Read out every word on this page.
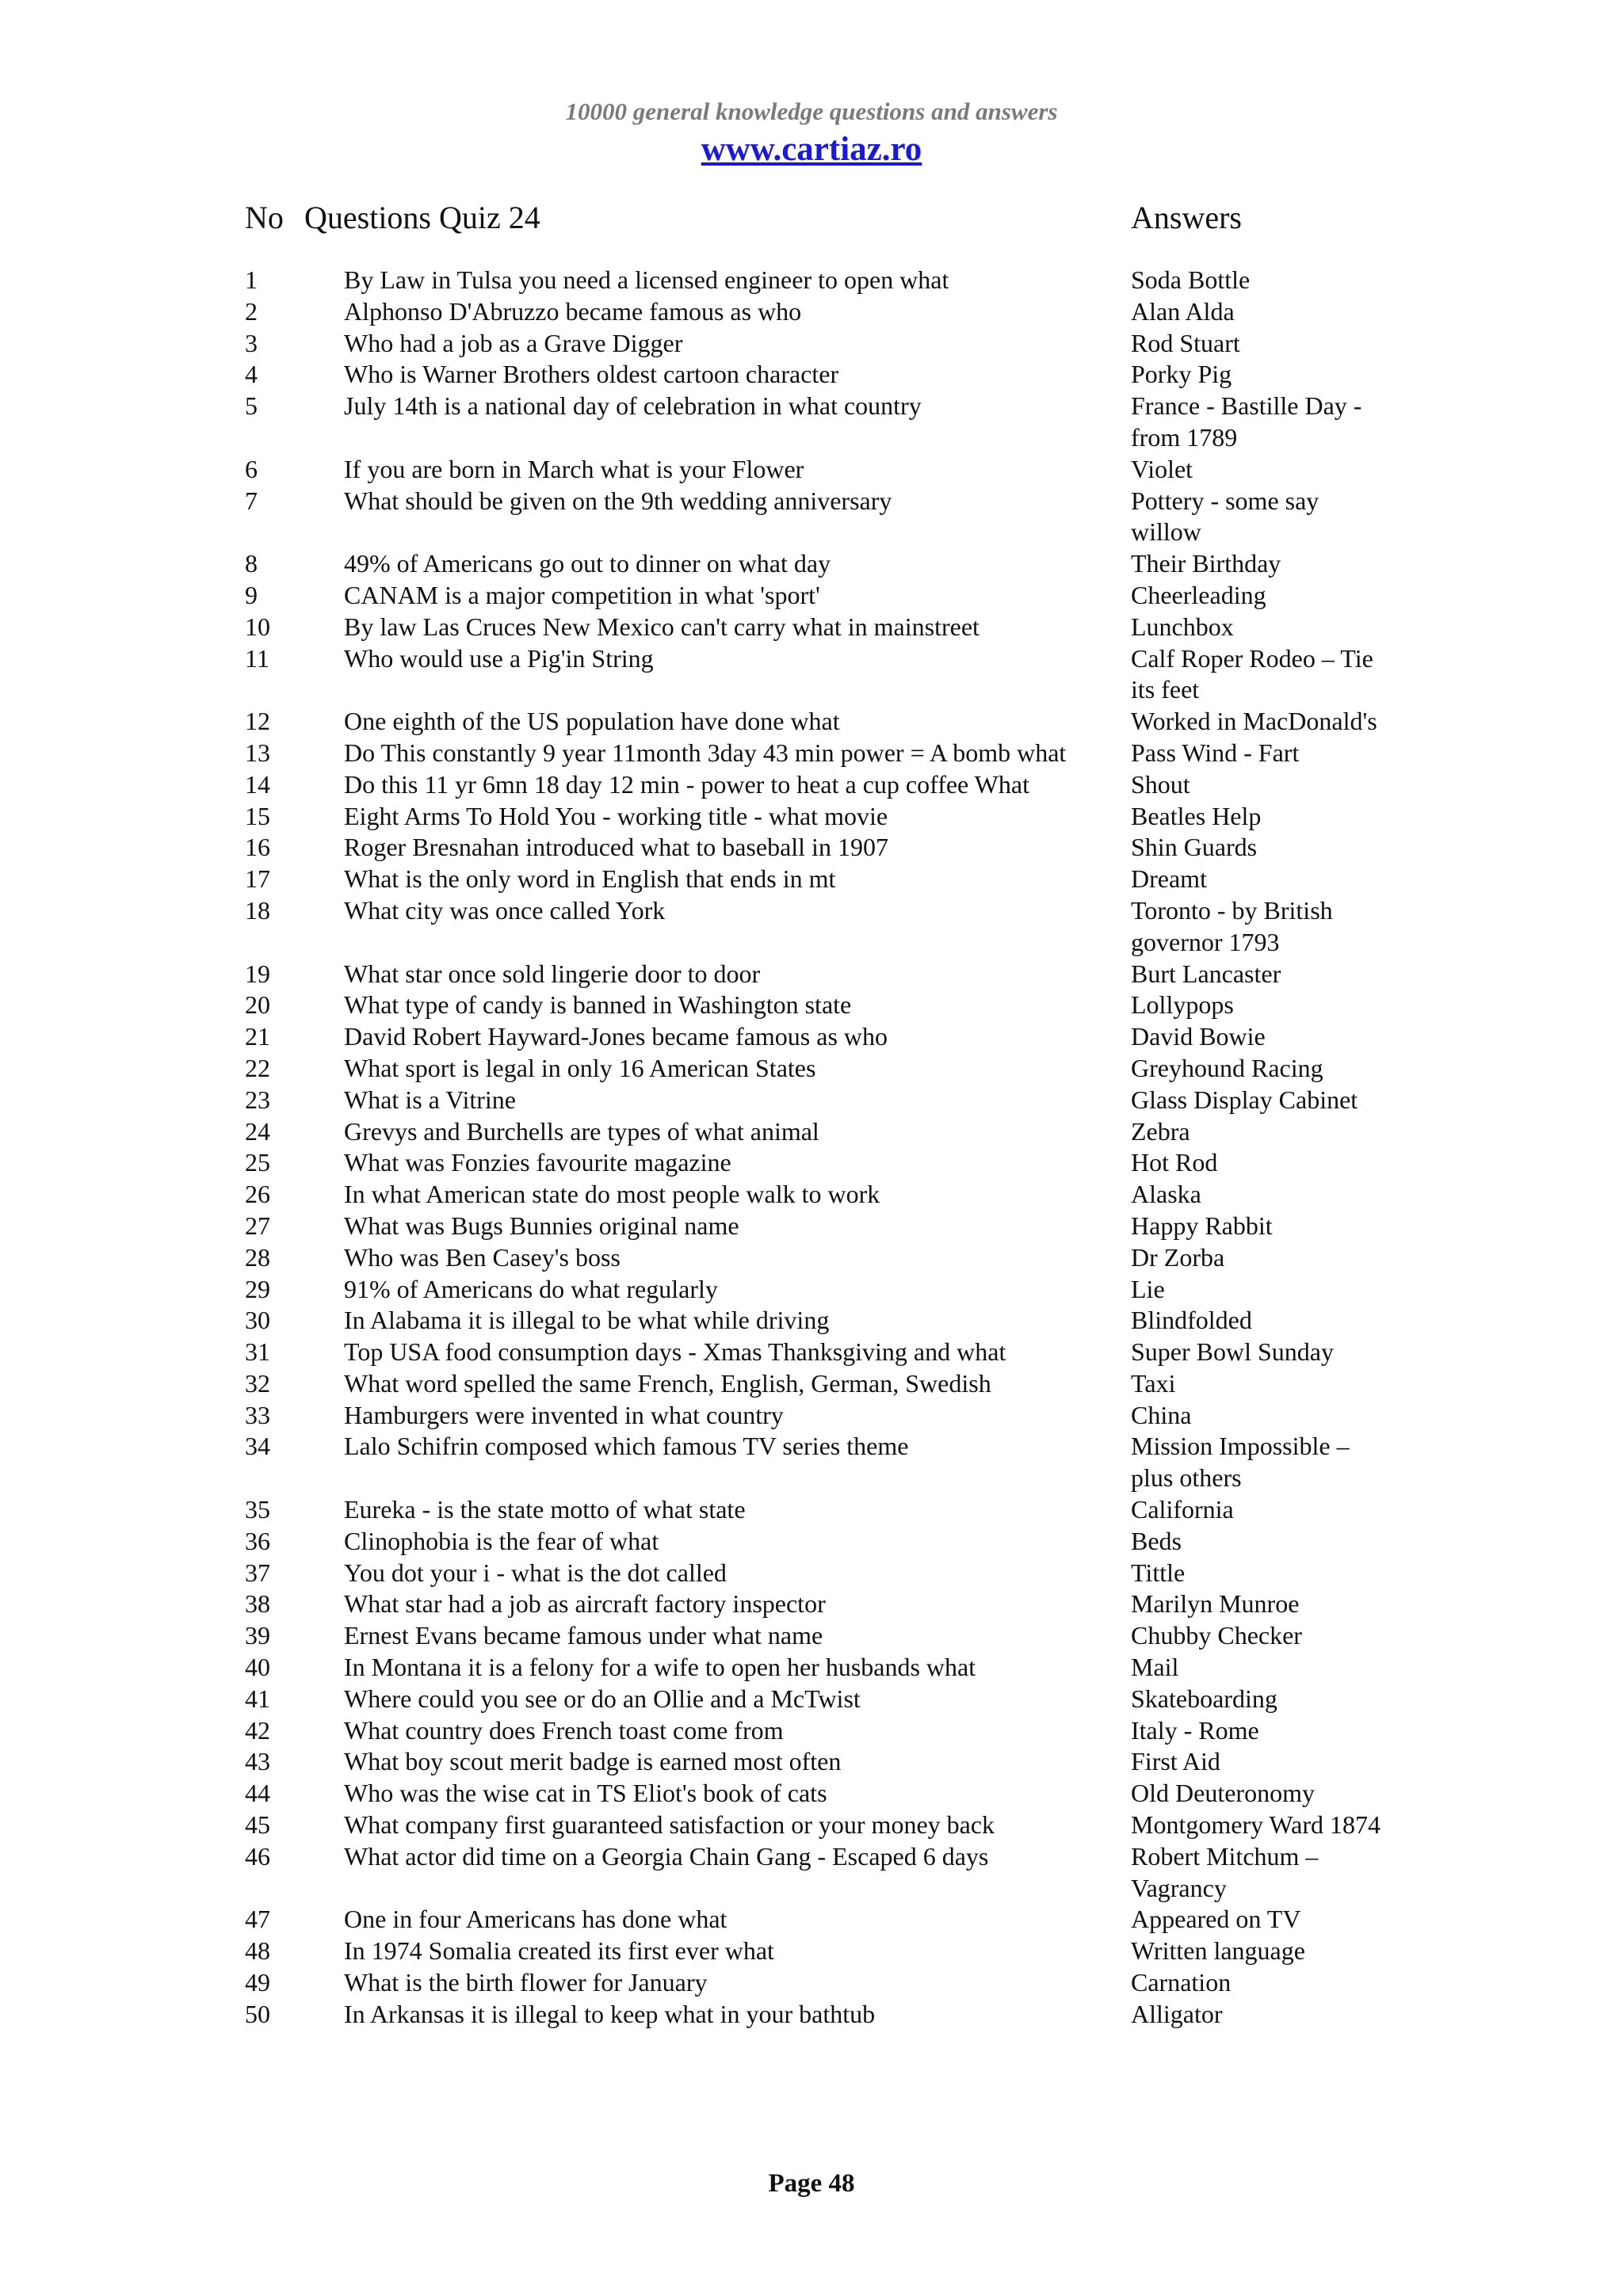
10000 general knowledge questions and answers
www.cartiaz.ro
No Questions Quiz 24	Answers
1	By Law in Tulsa you need a licensed engineer to open what	Soda Bottle
2	Alphonso D'Abruzzo became famous as who	Alan Alda
3	Who had a job as a Grave Digger	Rod Stuart
4	Who is Warner Brothers oldest cartoon character	Porky Pig
5	July 14th is a national day of celebration in what country	France - Bastille Day - from 1789
6	If you are born in March what is your Flower	Violet
7	What should be given on the 9th wedding anniversary	Pottery - some say willow
8	49% of Americans go out to dinner on what day	Their Birthday
9	CANAM is a major competition in what 'sport'	Cheerleading
10	By law Las Cruces New Mexico can't carry what in mainstreet	Lunchbox
11	Who would use a Pig'in String	Calf Roper Rodeo – Tie its feet
12	One eighth of the US population have done what	Worked in MacDonald's
13	Do This constantly 9 year 11month 3day 43 min power = A bomb what	Pass Wind - Fart
14	Do this 11 yr 6mn 18 day 12 min - power to heat a cup coffee What	Shout
15	Eight Arms To Hold You - working title - what movie	Beatles Help
16	Roger Bresnahan introduced what to baseball in 1907	Shin Guards
17	What is the only word in English that ends in mt	Dreamt
18	What city was once called York	Toronto - by British governor 1793
19	What star once sold lingerie door to door	Burt Lancaster
20	What type of candy is banned in Washington state	Lollypops
21	David Robert Hayward-Jones became famous as who	David Bowie
22	What sport is legal in only 16 American States	Greyhound Racing
23	What is a Vitrine	Glass Display Cabinet
24	Grevys and Burchells are types of what animal	Zebra
25	What was Fonzies favourite magazine	Hot Rod
26	In what American state do most people walk to work	Alaska
27	What was Bugs Bunnies original name	Happy Rabbit
28	Who was Ben Casey's boss	Dr Zorba
29	91% of Americans do what regularly	Lie
30	In Alabama it is illegal to be what while driving	Blindfolded
31	Top USA food consumption days - Xmas Thanksgiving and what	Super Bowl Sunday
32	What word spelled the same French, English, German, Swedish	Taxi
33	Hamburgers were invented in what country	China
34	Lalo Schifrin composed which famous TV series theme	Mission Impossible – plus others
35	Eureka - is the state motto of what state	California
36	Clinophobia is the fear of what	Beds
37	You dot your i - what is the dot called	Tittle
38	What star had a job as aircraft factory inspector	Marilyn Munroe
39	Ernest Evans became famous under what name	Chubby Checker
40	In Montana it is a felony for a wife to open her husbands what	Mail
41	Where could you see or do an Ollie and a McTwist	Skateboarding
42	What country does French toast come from	Italy - Rome
43	What boy scout merit badge is earned most often	First Aid
44	Who was the wise cat in TS Eliot's book of cats	Old Deuteronomy
45	What company first guaranteed satisfaction or your money back	Montgomery Ward 1874
46	What actor did time on a Georgia Chain Gang - Escaped 6 days	Robert Mitchum – Vagrancy
47	One in four Americans has done what	Appeared on TV
48	In 1974 Somalia created its first ever what	Written language
49	What is the birth flower for January	Carnation
50	In Arkansas it is illegal to keep what in your bathtub	Alligator
Page 48
